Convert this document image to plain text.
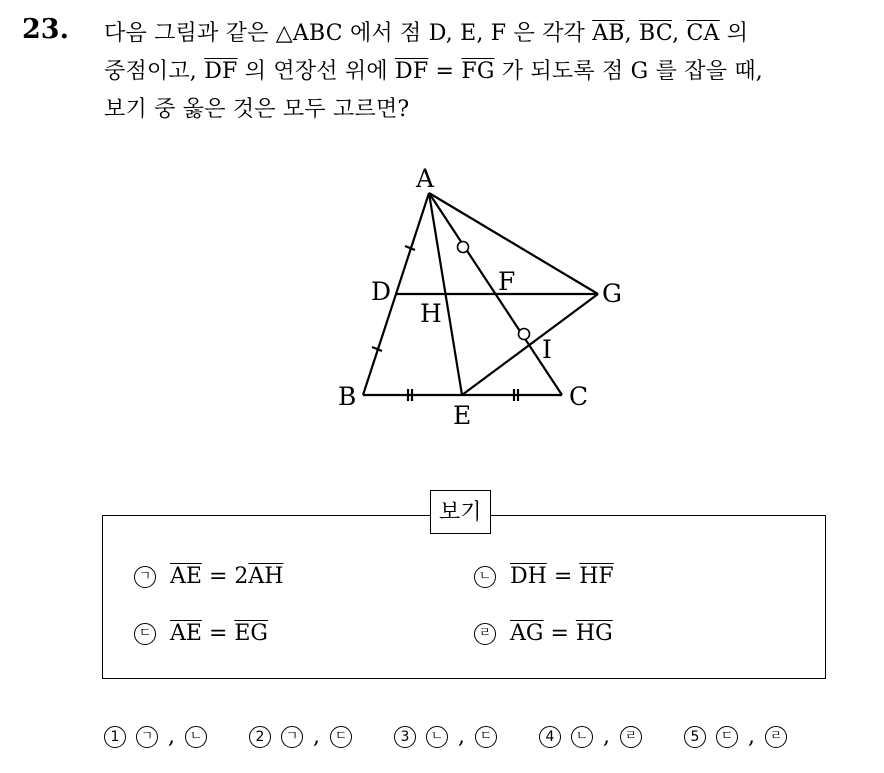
23. 다음 그림과 같은 △ABC 에서 점 D, E, F 은 각각 $\overline{AB}$, $\overline{BC}$, $\overline{CA}$ 의
중점이고, $\overline{DF}$ 의 연장선 위에 $\overline{DF} = \overline{FG}$ 가 되도록 점 G 를 잡을 때,
보기 중 옳은 것은 모두 고르면?
A
B	C
D
E
F	G
H
I
보기
ㄱ $\overline{AE} = 2\overline{AH}$	ㄴ $\overline{DH} = \overline{HF}$
ㄷ $\overline{AE} = \overline{EG}$	ㄹ $\overline{AG} = \overline{HG}$
1	ㄱ ,	ㄴ	2	ㄱ ,	ㄷ	3	ㄴ ,	ㄷ	4	ㄴ ,	ㄹ	5	ㄷ ,	ㄹ
